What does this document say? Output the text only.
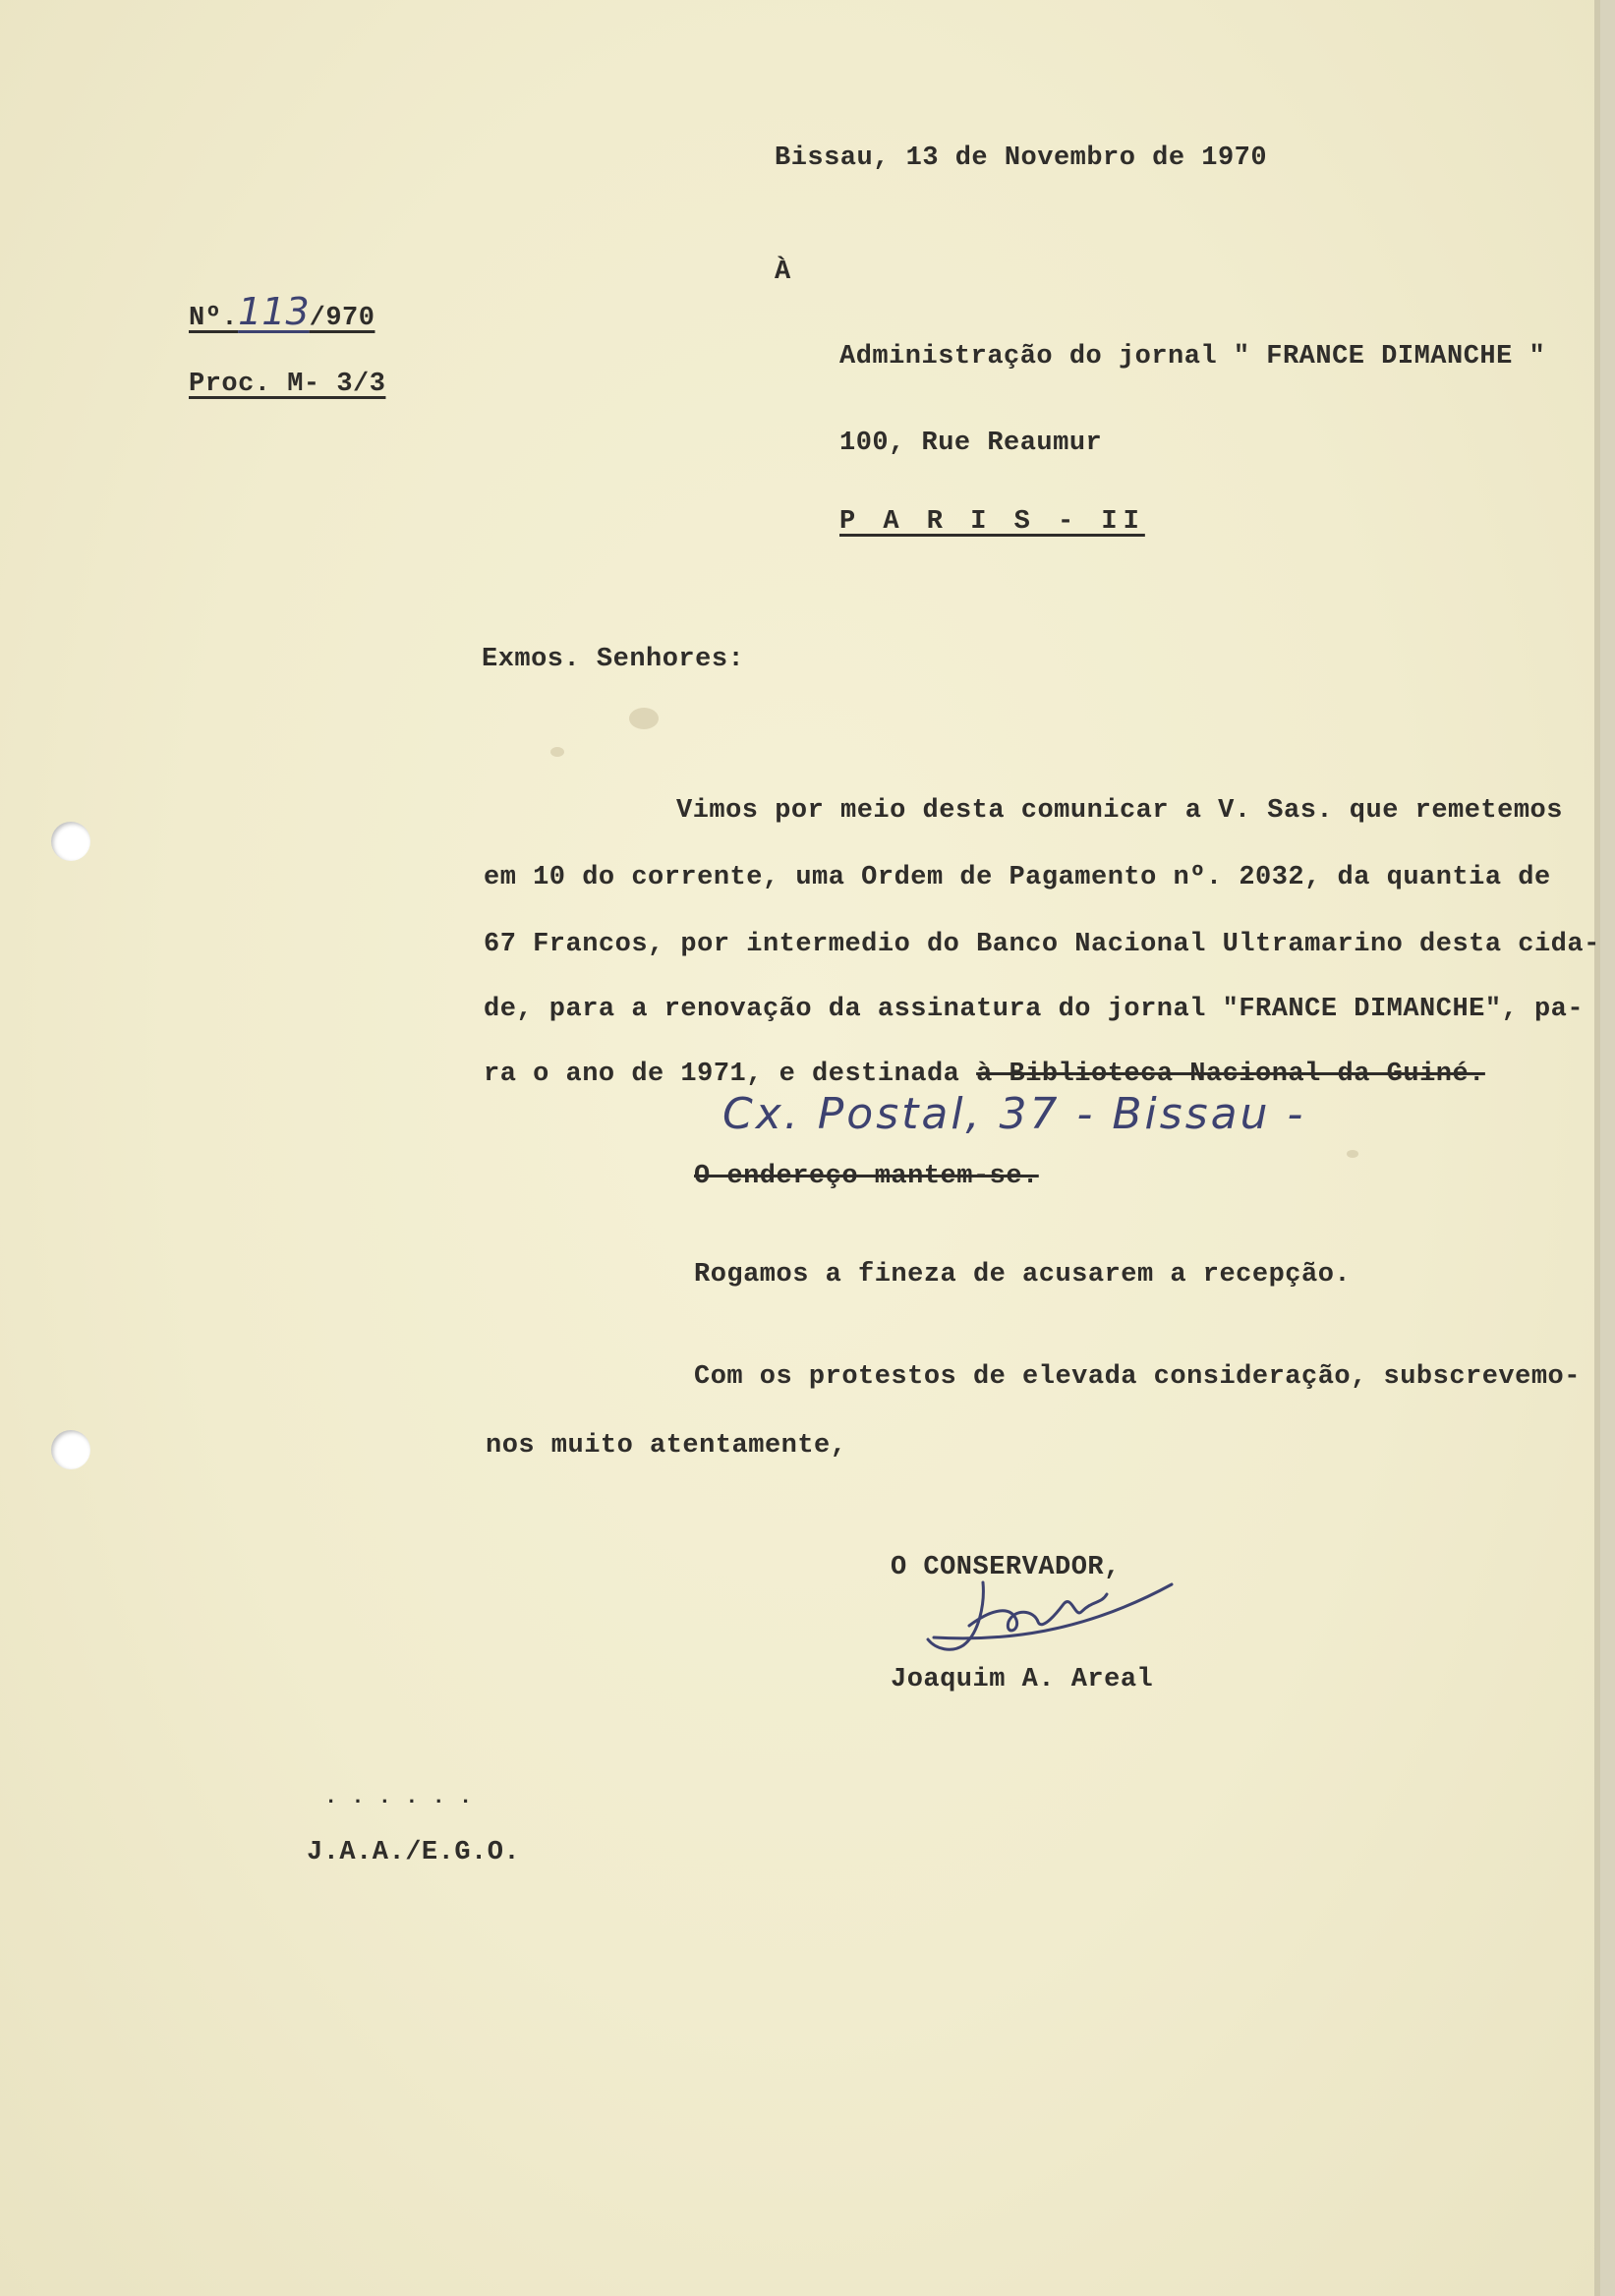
Bissau, 13 de Novembro de 1970
À
Nº.113/970
Proc. M- 3/3
Administração do jornal " FRANCE DIMANCHE "
100, Rue Reaumur
P A R I S - II
Exmos. Senhores:
Vimos por meio desta comunicar a V. Sas. que remetemos
em 10 do corrente, uma Ordem de Pagamento nº. 2032, da quantia de
67 Francos, por intermedio do Banco Nacional Ultramarino desta cida-
de, para a renovação da assinatura do jornal "FRANCE DIMANCHE", pa-
ra o ano de 1971, e destinada à Biblioteca Nacional da Guiné.
Cx. Postal, 37 - Bissau -
O endereço mantem-se.
Rogamos a fineza de acusarem a recepção.
Com os protestos de elevada consideração, subscrevemo-
nos muito atentamente,
O CONSERVADOR,
Joaquim A. Areal
. . . . . .
J.A.A./E.G.O.
